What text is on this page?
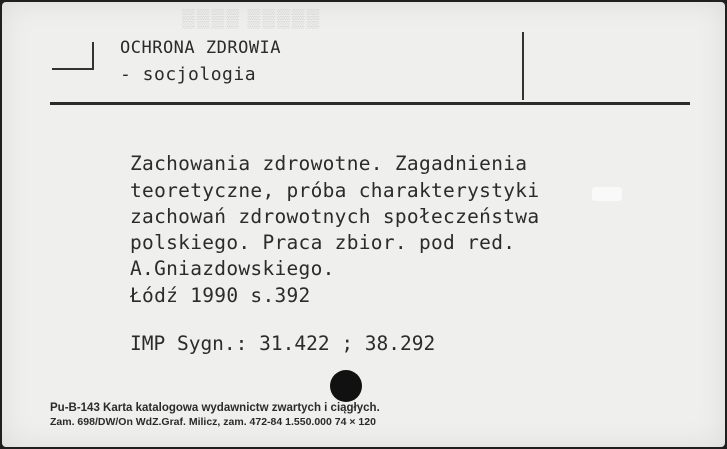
▒▒▒▒ ▒▒▒▒▒
OCHRONA ZDROWIA
- socjologia
Zachowania zdrowotne. Zagadnienia
teoretyczne, próba charakterystyki
zachowań zdrowotnych społeczeństwa
polskiego. Praca zbior. pod red.
A.Gniazdowskiego.
Łódź 1990 s.392
IMP Sygn.: 31.422 ; 38.292
Pu-B-143 Karta katalogowa wydawnictw zwartych i ciągłych.
Zam. 698/DW/On WdZ.Graf. Milicz, zam. 472-84 1.550.000 74 × 120
